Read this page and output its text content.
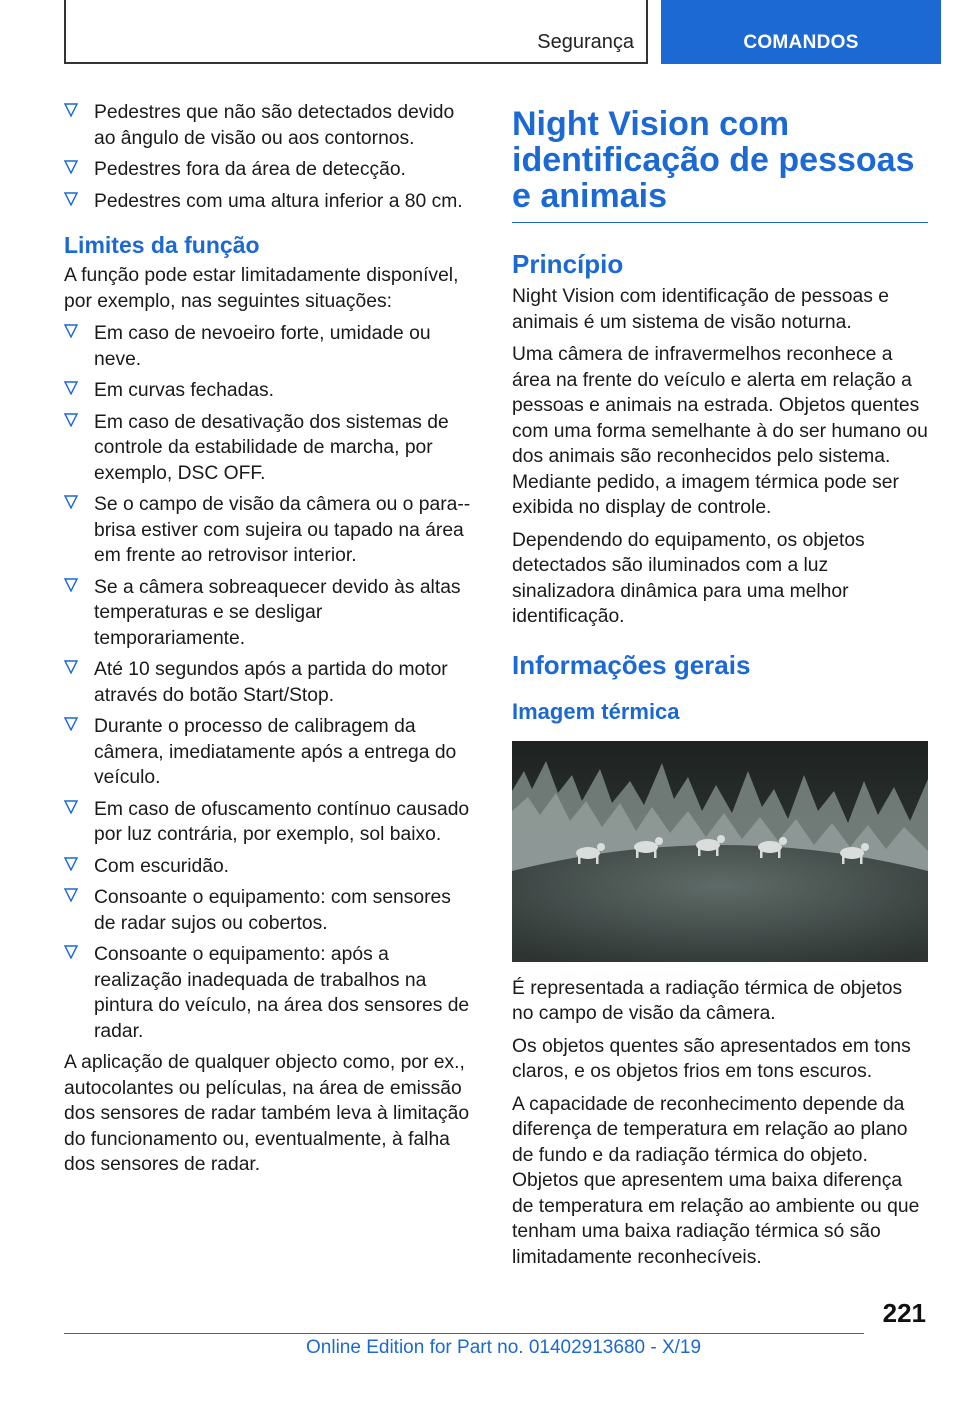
Segurança	COMANDOS
Pedestres que não são detectados devido ao ângulo de visão ou aos contornos.
Pedestres fora da área de detecção.
Pedestres com uma altura inferior a 80 cm.
Limites da função

A função pode estar limitadamente disponível, por exemplo, nas seguintes situações:

Em caso de nevoeiro forte, umidade ou neve.
Em curvas fechadas.
Em caso de desativação dos sistemas de controle da estabilidade de marcha, por exemplo, DSC OFF.
Se o campo de visão da câmera ou o para--brisa estiver com sujeira ou tapado na área em frente ao retrovisor interior.
Se a câmera sobreaquecer devido às altas temperaturas e se desligar temporariamente.
Até 10 segundos após a partida do motor através do botão Start/Stop.
Durante o processo de calibragem da câmera, imediatamente após a entrega do veículo.
Em caso de ofuscamento contínuo causado por luz contrária, por exemplo, sol baixo.
Com escuridão.
Consoante o equipamento: com sensores de radar sujos ou cobertos.
Consoante o equipamento: após a realização inadequada de trabalhos na pintura do veículo, na área dos sensores de radar.

A aplicação de qualquer objecto como, por ex., autocolantes ou películas, na área de emissão dos sensores de radar também leva à limitação do funcionamento ou, eventualmente, à falha dos sensores de radar.

Night Vision com identificação de pessoas e animais
Princípio

Night Vision com identificação de pessoas e animais é um sistema de visão noturna.

Uma câmera de infravermelhos reconhece a área na frente do veículo e alerta em relação a pessoas e animais na estrada. Objetos quentes com uma forma semelhante à do ser humano ou dos animais são reconhecidos pelo sistema. Mediante pedido, a imagem térmica pode ser exibida no display de controle.

Dependendo do equipamento, os objetos detectados são iluminados com a luz sinalizadora dinâmica para uma melhor identificação.

Informações gerais
Imagem térmica

É representada a radiação térmica de objetos no campo de visão da câmera.

Os objetos quentes são apresentados em tons claros, e os objetos frios em tons escuros.

A capacidade de reconhecimento depende da diferença de temperatura em relação ao plano de fundo e da radiação térmica do objeto. Objetos que apresentem uma baixa diferença de temperatura em relação ao ambiente ou que tenham uma baixa radiação térmica só são limitadamente reconhecíveis.

221
Online Edition for Part no. 01402913680 - X/19
